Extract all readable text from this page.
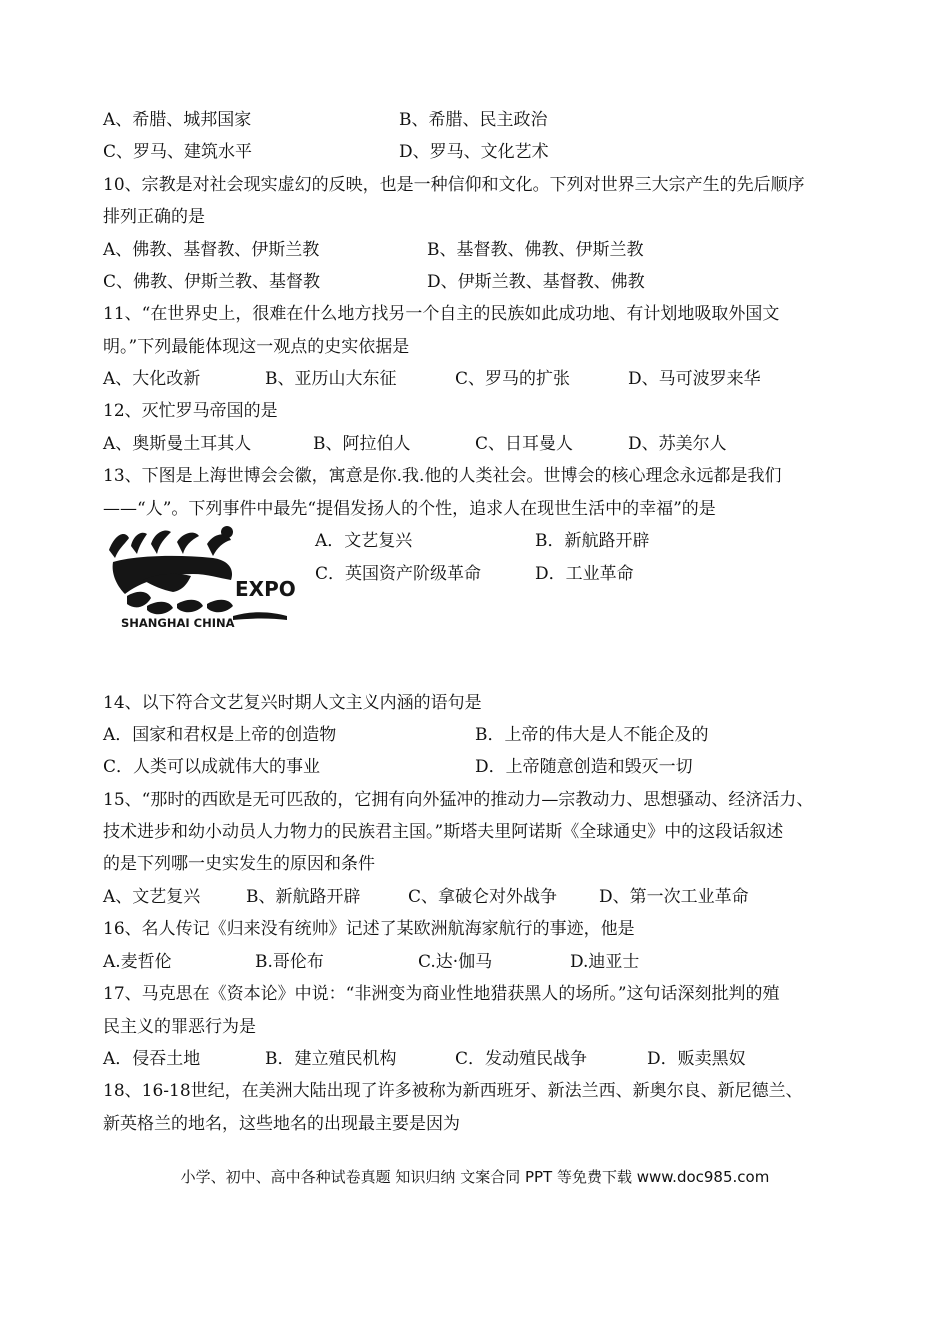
A、希腊、城邦国家	B、希腊、民主政治
C、罗马、建筑水平	D、罗马、文化艺术
10、宗教是对社会现实虚幻的反映，也是一种信仰和文化。下列对世界三大宗产生的先后顺序
排列正确的是
A、佛教、基督教、伊斯兰教	B、基督教、佛教、伊斯兰教
C、佛教、伊斯兰教、基督教	D、伊斯兰教、基督教、佛教
11、“在世界史上，很难在什么地方找另一个自主的民族如此成功地、有计划地吸取外国文
明。”下列最能体现这一观点的史实依据是
A、大化改新	B、亚历山大东征	C、罗马的扩张	D、马可波罗来华
12、灭忙罗马帝国的是
A、奥斯曼土耳其人	B、阿拉伯人	C、日耳曼人	D、苏美尔人
13、下图是上海世博会会徽，寓意是你.我.他的人类社会。世博会的核心理念永远都是我们
——“人”。下列事件中最先“提倡发扬人的个性，追求人在现世生活中的幸福”的是
EXPO
SHANGHAI CHINA
A．文艺复兴	B．新航路开辟
C．英国资产阶级革命	D．工业革命
14、以下符合文艺复兴时期人文主义内涵的语句是
A．国家和君权是上帝的创造物	B．上帝的伟大是人不能企及的
C．人类可以成就伟大的事业	D．上帝随意创造和毁灭一切
15、“那时的西欧是无可匹敌的，它拥有向外猛冲的推动力—宗教动力、思想骚动、经济活力、
技术进步和幼小动员人力物力的民族君主国。”斯塔夫里阿诺斯《全球通史》中的这段话叙述
的是下列哪一史实发生的原因和条件
A、文艺复兴	B、新航路开辟	C、拿破仑对外战争 D、第一次工业革命
16、名人传记《归来没有统帅》记述了某欧洲航海家航行的事迹，他是
A.麦哲伦	B.哥伦布	C.达·伽马	D.迪亚士
17、马克思在《资本论》中说：“非洲变为商业性地猎获黑人的场所。”这句话深刻批判的殖
民主义的罪恶行为是
A．侵吞土地	B．建立殖民机构	C．发动殖民战争	D．贩卖黑奴
18、16-18世纪，在美洲大陆出现了许多被称为新西班牙、新法兰西、新奥尔良、新尼德兰、
新英格兰的地名，这些地名的出现最主要是因为
小学、初中、高中各种试卷真题 知识归纳 文案合同 PPT 等免费下载 www.doc985.com
